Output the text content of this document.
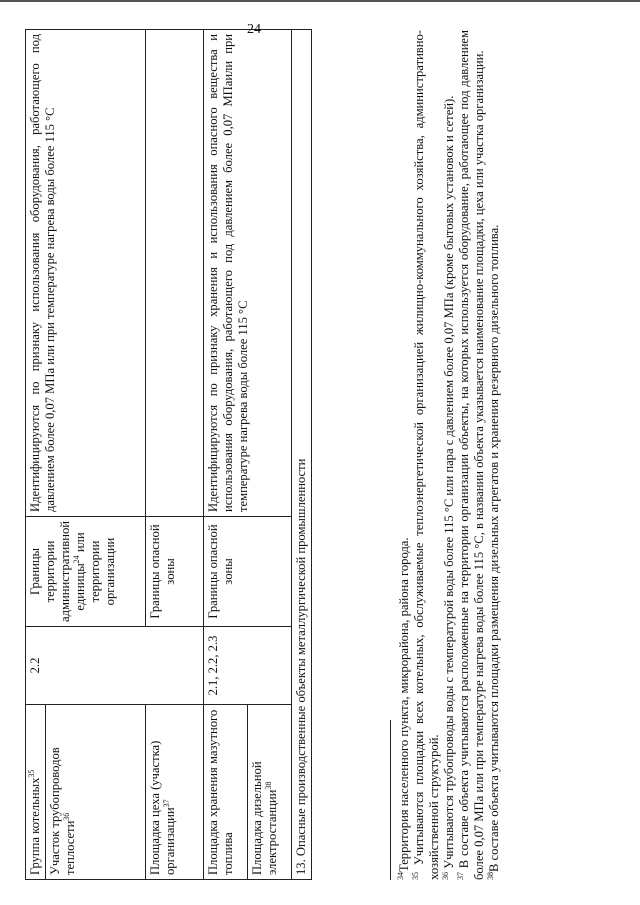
Группа котельных$^{35}$	2.2	Границы территории административной единицы$^{24}$ или территории организации	Идентифицируются по признаку использования оборудования, работающего под давлением более 0,07 МПа или при температуре нагрева воды более 115 °С
Участок трубопроводов теплосети$^{36}$
Площадка цеха (участка) организации$^{37}$		Границы опасной зоны	
Площадка хранения мазутного топлива	2.1, 2.2, 2.3	Границы опасной зоны	Идентифицируются по признаку хранения и использования опасного вещества и использования оборудования, работающего под давлением более 0,07 МПаили при температуре нагрева воды более 115 °С
Площадка дизельной электростанции$^{38}$
13. Опасные производственные объекты металлургической промышленности			

$^{34}$Территория населенного пункта, микрорайона, района города.

$^{35}$ Учитываются площадки всех котельных, обслуживаемые теплоэнергетической организацией жилищно-коммунального хозяйства, административно-хозяйственной структурой. $^{36}$ Учитываются трубопроводы воды с температурой воды более 115 °С или пара с давлением более 0,07 МПа (кроме бытовых установок и сетей).

$^{37}$ В составе объекта учитываются расположенные на территории организации объекты, на которых используется оборудование, работающее под давлением более 0,07 МПа или при температуре нагрева воды более 115 °С, в названии объекта указывается наименование площадки, цеха или участка организации. $^{38}$В составе объекта учитываются площадки размещения дизельных агрегатов и хранения резервного дизельного топлива.

24
